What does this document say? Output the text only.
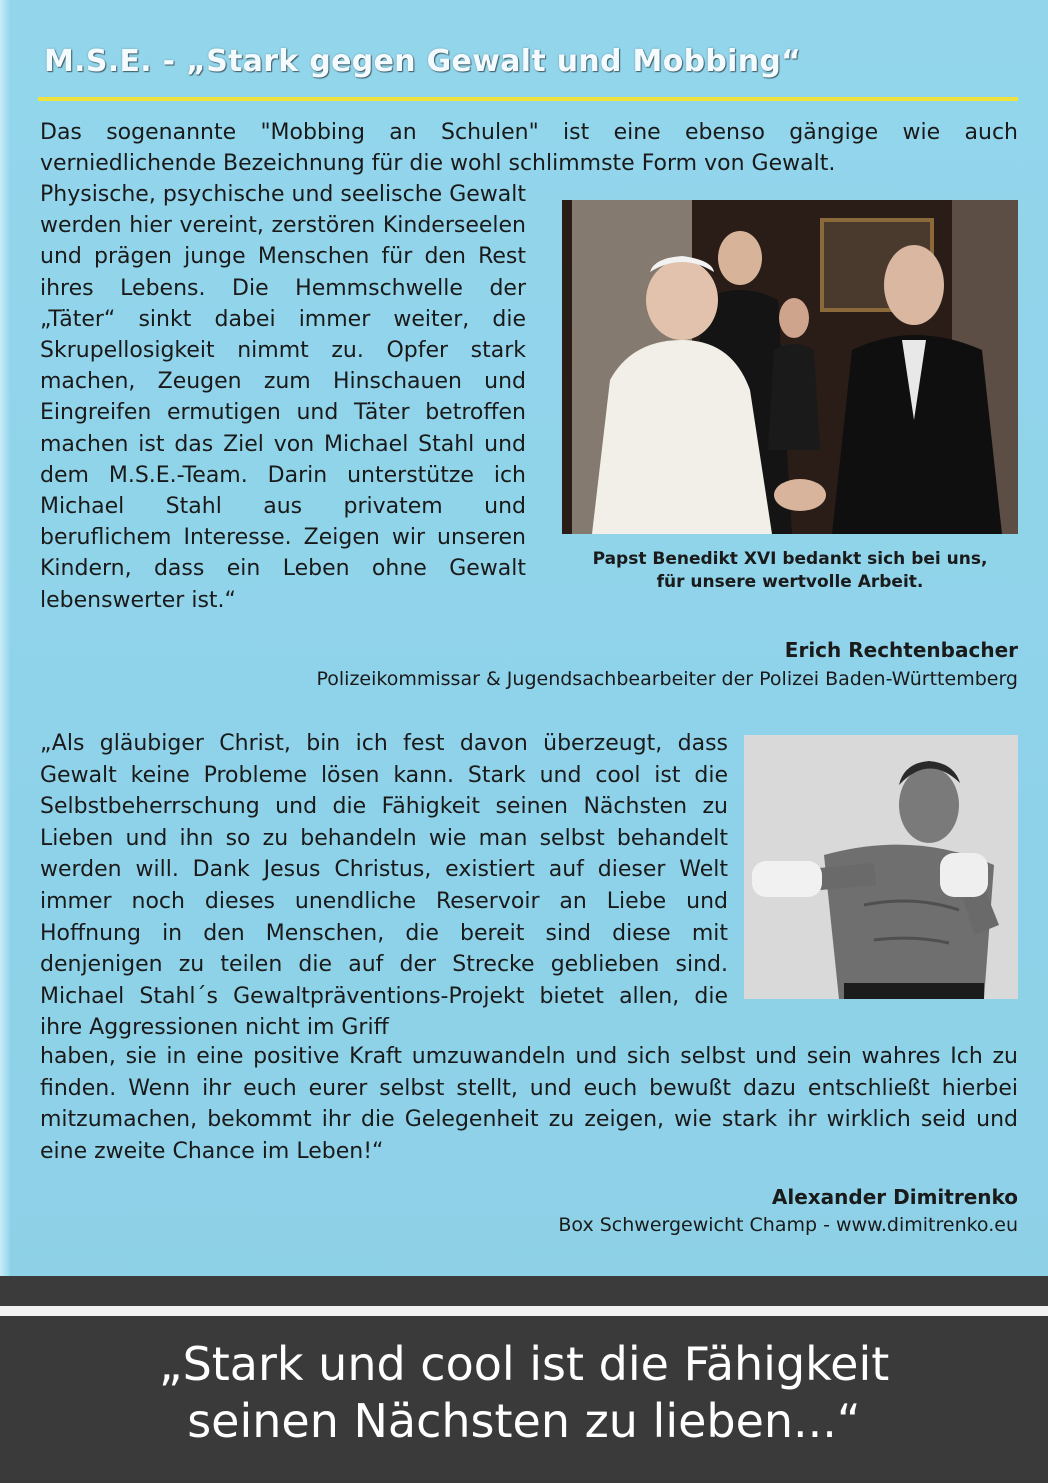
M.S.E. - „Stark gegen Gewalt und Mobbing“

Das sogenannte "Mobbing an Schulen" ist eine ebenso gängige wie auch verniedlichende Bezeichnung für die wohl schlimmste Form von Gewalt.

Physische, psychische und seelische Gewalt werden hier vereint, zerstören Kinderseelen und prägen junge Menschen für den Rest ihres Lebens. Die Hemmschwelle der „Täter“ sinkt dabei immer weiter, die Skrupellosigkeit nimmt zu. Opfer stark machen, Zeugen zum Hinschauen und Eingreifen ermutigen und Täter betroffen machen ist das Ziel von Michael Stahl und dem M.S.E.-Team. Darin unterstütze ich Michael Stahl aus privatem und beruflichem Interesse. Zeigen wir unseren Kindern, dass ein Leben ohne Gewalt lebenswerter ist.“

Papst Benedikt XVI bedankt sich bei uns,
für unsere wertvolle Arbeit.

Erich Rechtenbacher

Polizeikommissar & Jugendsachbearbeiter der Polizei Baden-Württemberg

„Als gläubiger Christ, bin ich fest davon überzeugt, dass Gewalt keine Probleme lösen kann. Stark und cool ist die Selbstbeherrschung und die Fähigkeit seinen Nächsten zu Lieben und ihn so zu behandeln wie man selbst behandelt werden will. Dank Jesus Christus, existiert auf dieser Welt immer noch dieses unendliche Reservoir an Liebe und Hoffnung in den Menschen, die bereit sind diese mit denjenigen zu teilen die auf der Strecke geblieben sind. Michael Stahl´s Gewaltpräventions-Projekt bietet allen, die ihre Aggressionen nicht im Griff

haben, sie in eine positive Kraft umzuwandeln und sich selbst und sein wahres Ich zu finden. Wenn ihr euch eurer selbst stellt, und euch bewußt dazu entschließt hierbei mitzumachen, bekommt ihr die Gelegenheit zu zeigen, wie stark ihr wirklich seid und eine zweite Chance im Leben!“

Alexander Dimitrenko

Box Schwergewicht Champ - www.dimitrenko.eu

„Stark und cool ist die Fähigkeit
seinen Nächsten zu lieben...“
